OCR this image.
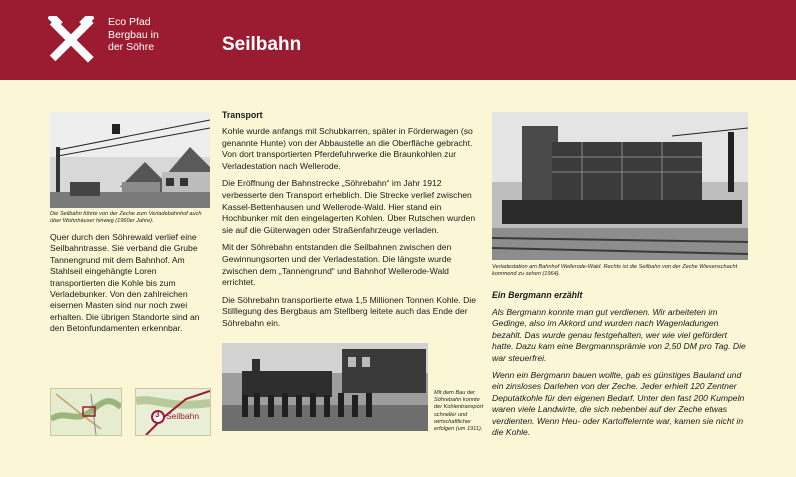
Eco Pfad
Bergbau in
der Söhre	Seilbahn
Die Seilbahn führte von der Zeche zum Verladebahnhof auch über Wohnhäuser hinweg (1960er Jahre).
Quer durch den Söhrewald verlief eine Seilbahntrasse. Sie verband die Grube Tannengrund mit dem Bahnhof. Am Stahlseil eingehängte Loren transportierten die Kohle bis zum Verladebunker. Von den zahlreichen eisernen Masten sind nur noch zwei erhalten. Die übrigen Standorte sind an den Betonfundamenten erkennbar.
3 Seilbahn
Transport

Kohle wurde anfangs mit Schubkarren, später in Förderwagen (so genannte Hunte) von der Abbaustelle an die Oberfläche gebracht. Von dort transportierten Pferdefuhrwerke die Braunkohlen zur Verladestation nach Wellerode.

Die Eröffnung der Bahnstrecke „Söhrebahn“ im Jahr 1912 verbesserte den Transport erheblich. Die Strecke verlief zwischen Kassel-Bettenhausen und Wellerode-Wald. Hier stand ein Hochbunker mit den eingelagerten Kohlen. Über Rutschen wurden sie auf die Güterwagen oder Straßenfahrzeuge verladen.

Mit der Söhrebahn entstanden die Seilbahnen zwischen den Gewinnungsorten und der Verladestation. Die längste wurde zwischen dem „Tannengrund“ und Bahnhof Wellerode-Wald errichtet.

Die Söhrebahn transportierte etwa 1,5 Millionen Tonnen Kohle. Die Stilllegung des Bergbaus am Stellberg leitete auch das Ende der Söhrebahn ein.

Mit dem Bau der Söhrebahn konnte der Kohlentransport schneller und wirtschaftlicher erfolgen (um 1911).
Verladestation am Bahnhof Wellerode-Wald. Rechts ist die Seilbahn von der Zeche Wiesenschacht kommend zu sehen (1964).
Ein Bergmann erzählt

Als Bergmann konnte man gut verdienen. Wir arbeiteten im Gedinge, also im Akkord und wurden nach Wagenladungen bezahlt. Das wurde genau festgehalten, wer wie viel gefördert hatte. Dazu kam eine Bergmannsprämie von 2,50 DM pro Tag. Die war steuerfrei.

Wenn ein Bergmann bauen wollte, gab es günstiges Bauland und ein zinsloses Darlehen von der Zeche. Jeder erhielt 120 Zentner Deputatkohle für den eigenen Bedarf. Unter den fast 200 Kumpeln waren viele Landwirte, die sich nebenbei auf der Zeche etwas verdienten. Wenn Heu- oder Kartoffelernte war, kamen sie nicht in die Kohle.
